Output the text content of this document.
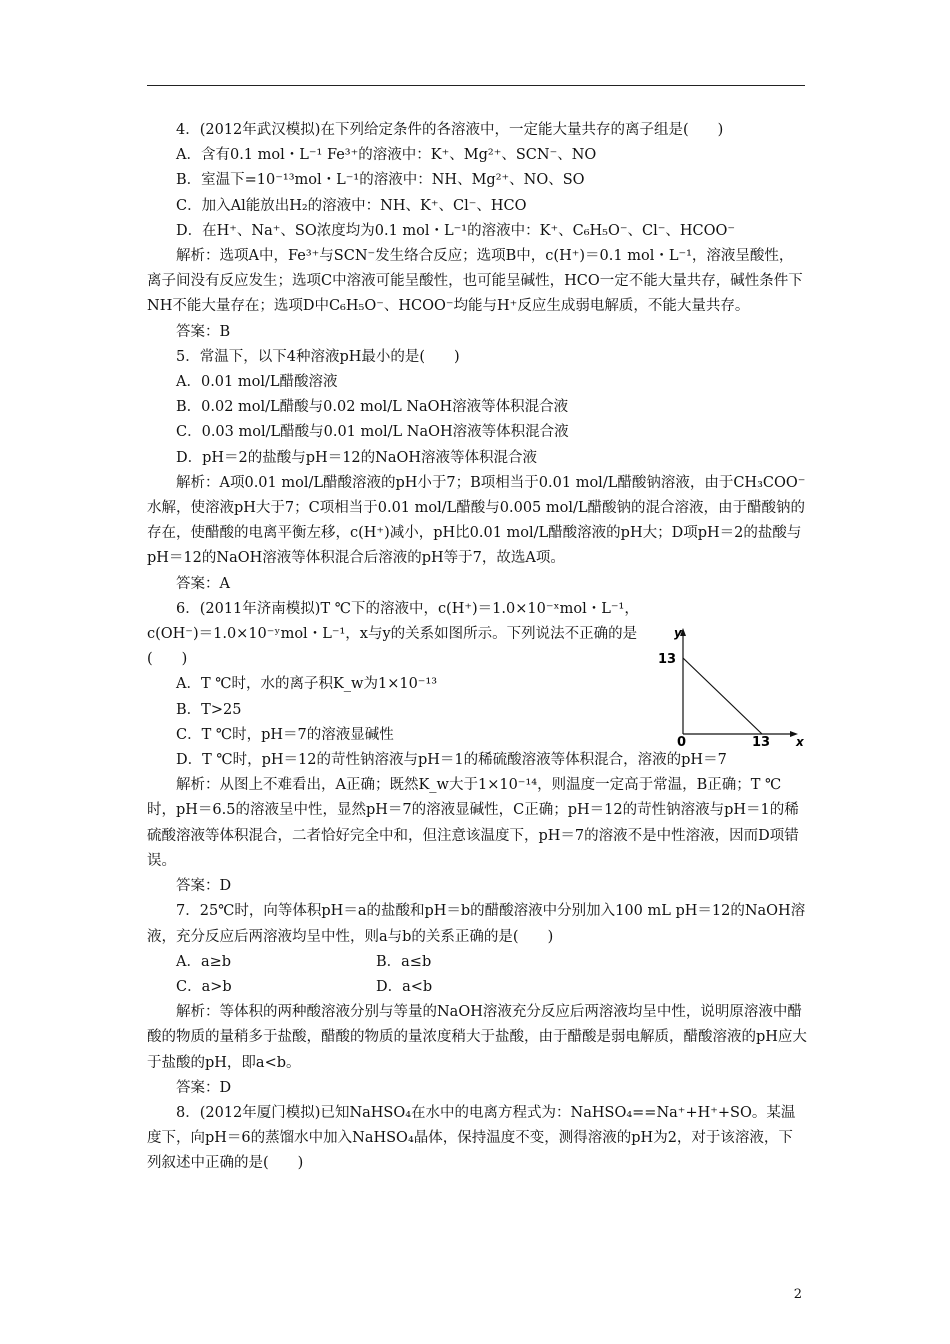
4．(2012年武汉模拟)在下列给定条件的各溶液中，一定能大量共存的离子组是(　　)

A．含有0.1 mol・L⁻¹ Fe³⁺的溶液中：K⁺、Mg²⁺、SCN⁻、NO

B．室温下=10⁻¹³mol・L⁻¹的溶液中：NH、Mg²⁺、NO、SO

C．加入Al能放出H₂的溶液中：NH、K⁺、Cl⁻、HCO

D．在H⁺、Na⁺、SO浓度均为0.1 mol・L⁻¹的溶液中：K⁺、C₆H₅O⁻、Cl⁻、HCOO⁻

解析：选项A中，Fe³⁺与SCN⁻发生络合反应；选项B中，c(H⁺)＝0.1 mol・L⁻¹，溶液呈酸性，离子间没有反应发生；选项C中溶液可能呈酸性，也可能呈碱性，HCO一定不能大量共存，碱性条件下NH不能大量存在；选项D中C₆H₅O⁻、HCOO⁻均能与H⁺反应生成弱电解质，不能大量共存。

答案：B

5．常温下，以下4种溶液pH最小的是(　　)

A．0.01 mol/L醋酸溶液

B．0.02 mol/L醋酸与0.02 mol/L NaOH溶液等体积混合液

C．0.03 mol/L醋酸与0.01 mol/L NaOH溶液等体积混合液

D．pH＝2的盐酸与pH＝12的NaOH溶液等体积混合液

解析：A项0.01 mol/L醋酸溶液的pH小于7；B项相当于0.01 mol/L醋酸钠溶液，由于CH₃COO⁻水解，使溶液pH大于7；C项相当于0.01 mol/L醋酸与0.005 mol/L醋酸钠的混合溶液，由于醋酸钠的存在，使醋酸的电离平衡左移，c(H⁺)减小，pH比0.01 mol/L醋酸溶液的pH大；D项pH＝2的盐酸与pH＝12的NaOH溶液等体积混合后溶液的pH等于7，故选A项。

答案：A

6．(2011年济南模拟)T ℃下的溶液中，c(H⁺)＝1.0×10⁻ˣmol・L⁻¹，c(OH⁻)＝1.0×10⁻ʸmol・L⁻¹，x与y的关系如图所示。下列说法不正确的是(　　)

A．T ℃时，水的离子积K_w为1×10⁻¹³

B．T>25

C．T ℃时，pH＝7的溶液显碱性

D．T ℃时，pH＝12的苛性钠溶液与pH＝1的稀硫酸溶液等体积混合，溶液的pH＝7

解析：从图上不难看出，A正确；既然K_w大于1×10⁻¹⁴，则温度一定高于常温，B正确；T ℃时，pH＝6.5的溶液呈中性，显然pH＝7的溶液显碱性，C正确；pH＝12的苛性钠溶液与pH＝1的稀硫酸溶液等体积混合，二者恰好完全中和，但注意该温度下，pH＝7的溶液不是中性溶液，因而D项错误。

答案：D

7．25℃时，向等体积pH＝a的盐酸和pH＝b的醋酸溶液中分别加入100 mL pH＝12的NaOH溶液，充分反应后两溶液均呈中性，则a与b的关系正确的是(　　)

A．a≥b	B．a≤b
C．a>b	D．a<b

解析：等体积的两种酸溶液分别与等量的NaOH溶液充分反应后两溶液均呈中性，说明原溶液中醋酸的物质的量稍多于盐酸，醋酸的物质的量浓度稍大于盐酸，由于醋酸是弱电解质，醋酸溶液的pH应大于盐酸的pH，即a<b。

答案：D

8．(2012年厦门模拟)已知NaHSO₄在水中的电离方程式为：NaHSO₄==Na⁺+H⁺+SO。某温度下，向pH＝6的蒸馏水中加入NaHSO₄晶体，保持温度不变，测得溶液的pH为2，对于该溶液，下列叙述中正确的是(　　)

y
13
0	13 x
2
